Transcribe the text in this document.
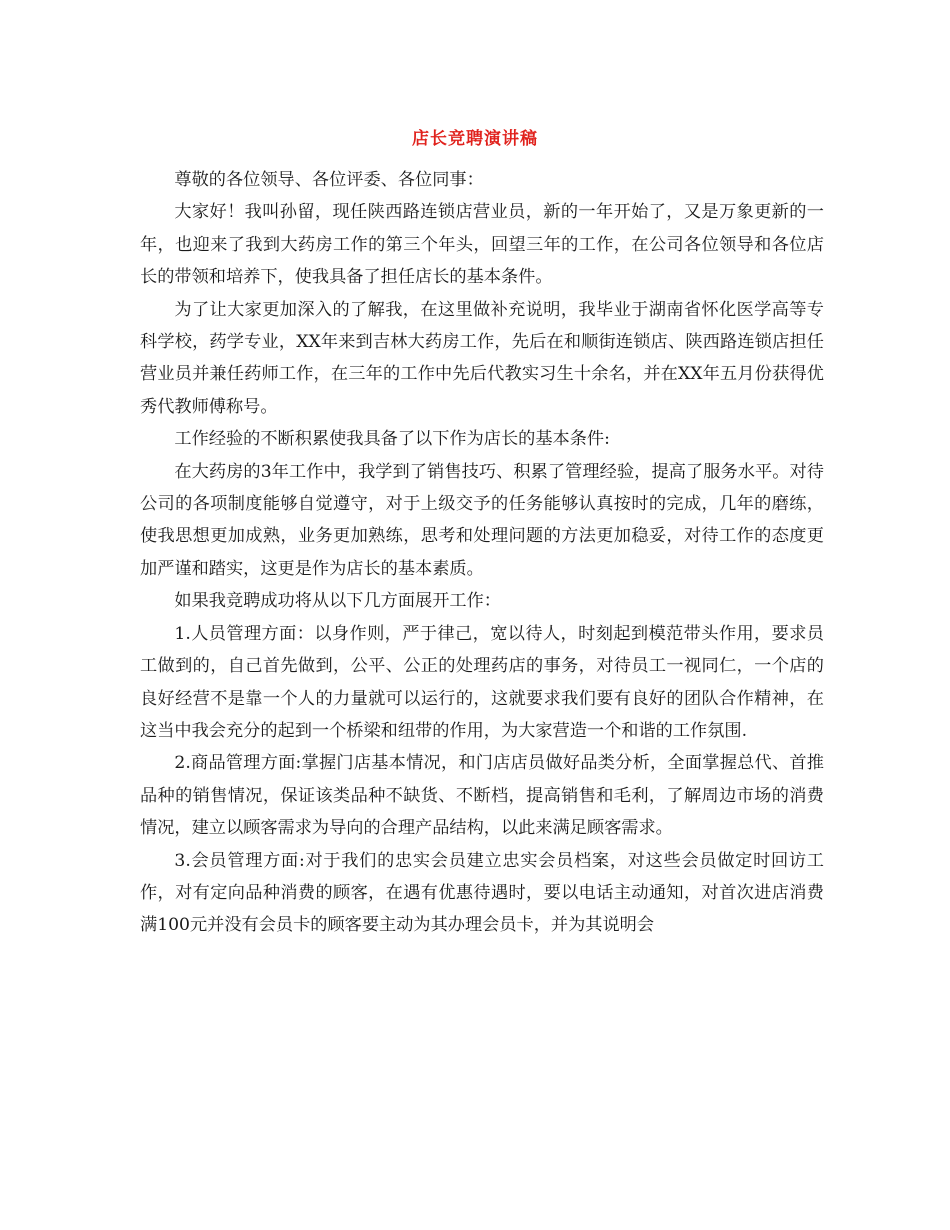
店长竞聘演讲稿

尊敬的各位领导、各位评委、各位同事：

大家好！我叫孙留，现任陕西路连锁店营业员，新的一年开始了，又是万象更新的一年，也迎来了我到大药房工作的第三个年头，回望三年的工作，在公司各位领导和各位店长的带领和培养下，使我具备了担任店长的基本条件。

为了让大家更加深入的了解我，在这里做补充说明，我毕业于湖南省怀化医学高等专科学校，药学专业，XX年来到吉林大药房工作，先后在和顺街连锁店、陕西路连锁店担任营业员并兼任药师工作，在三年的工作中先后代教实习生十余名，并在XX年五月份获得优秀代教师傅称号。

工作经验的不断积累使我具备了以下作为店长的基本条件:

在大药房的3年工作中，我学到了销售技巧、积累了管理经验，提高了服务水平。对待公司的各项制度能够自觉遵守，对于上级交予的任务能够认真按时的完成，几年的磨练，使我思想更加成熟，业务更加熟练，思考和处理问题的方法更加稳妥，对待工作的态度更加严谨和踏实，这更是作为店长的基本素质。

如果我竞聘成功将从以下几方面展开工作：

1.人员管理方面：以身作则，严于律己，宽以待人，时刻起到模范带头作用，要求员工做到的，自己首先做到，公平、公正的处理药店的事务，对待员工一视同仁，一个店的良好经营不是靠一个人的力量就可以运行的，这就要求我们要有良好的团队合作精神，在这当中我会充分的起到一个桥梁和纽带的作用，为大家营造一个和谐的工作氛围.

2.商品管理方面:掌握门店基本情况，和门店店员做好品类分析，全面掌握总代、首推品种的销售情况，保证该类品种不缺货、不断档，提高销售和毛利，了解周边市场的消费情况，建立以顾客需求为导向的合理产品结构，以此来满足顾客需求。

3.会员管理方面:对于我们的忠实会员建立忠实会员档案，对这些会员做定时回访工作，对有定向品种消费的顾客，在遇有优惠待遇时，要以电话主动通知，对首次进店消费满100元并没有会员卡的顾客要主动为其办理会员卡，并为其说明会
